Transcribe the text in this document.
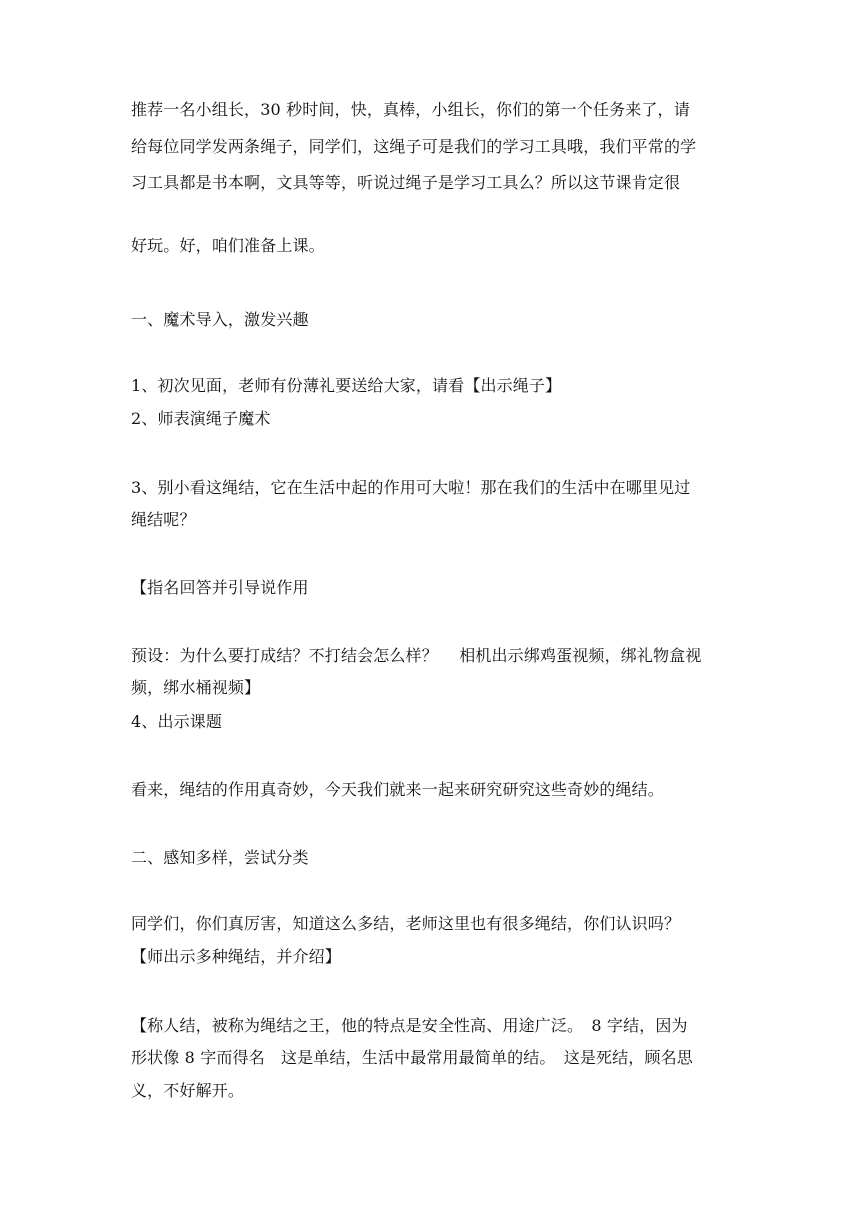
推荐一名小组长，30 秒时间，快，真棒，小组长，你们的第一个任务来了，请
给每位同学发两条绳子，同学们，这绳子可是我们的学习工具哦，我们平常的学
习工具都是书本啊，文具等等，听说过绳子是学习工具么？所以这节课肯定很
好玩。好，咱们准备上课。
一、魔术导入，激发兴趣
1、初次见面，老师有份薄礼要送给大家，请看【出示绳子】
2、师表演绳子魔术
3、别小看这绳结，它在生活中起的作用可大啦！那在我们的生活中在哪里见过
绳结呢？
【指名回答并引导说作用
预设：为什么要打成结？不打结会怎么样？　 相机出示绑鸡蛋视频，绑礼物盒视
频，绑水桶视频】
4、出示课题
看来，绳结的作用真奇妙，今天我们就来一起来研究研究这些奇妙的绳结。
二、感知多样，尝试分类
同学们，你们真厉害，知道这么多结，老师这里也有很多绳结，你们认识吗？
【师出示多种绳结，并介绍】
【称人结，被称为绳结之王，他的特点是安全性高、用途广泛。　8 字结，因为
形状像 8 字而得名　这是单结，生活中最常用最简单的结。　这是死结，顾名思
义，不好解开。
